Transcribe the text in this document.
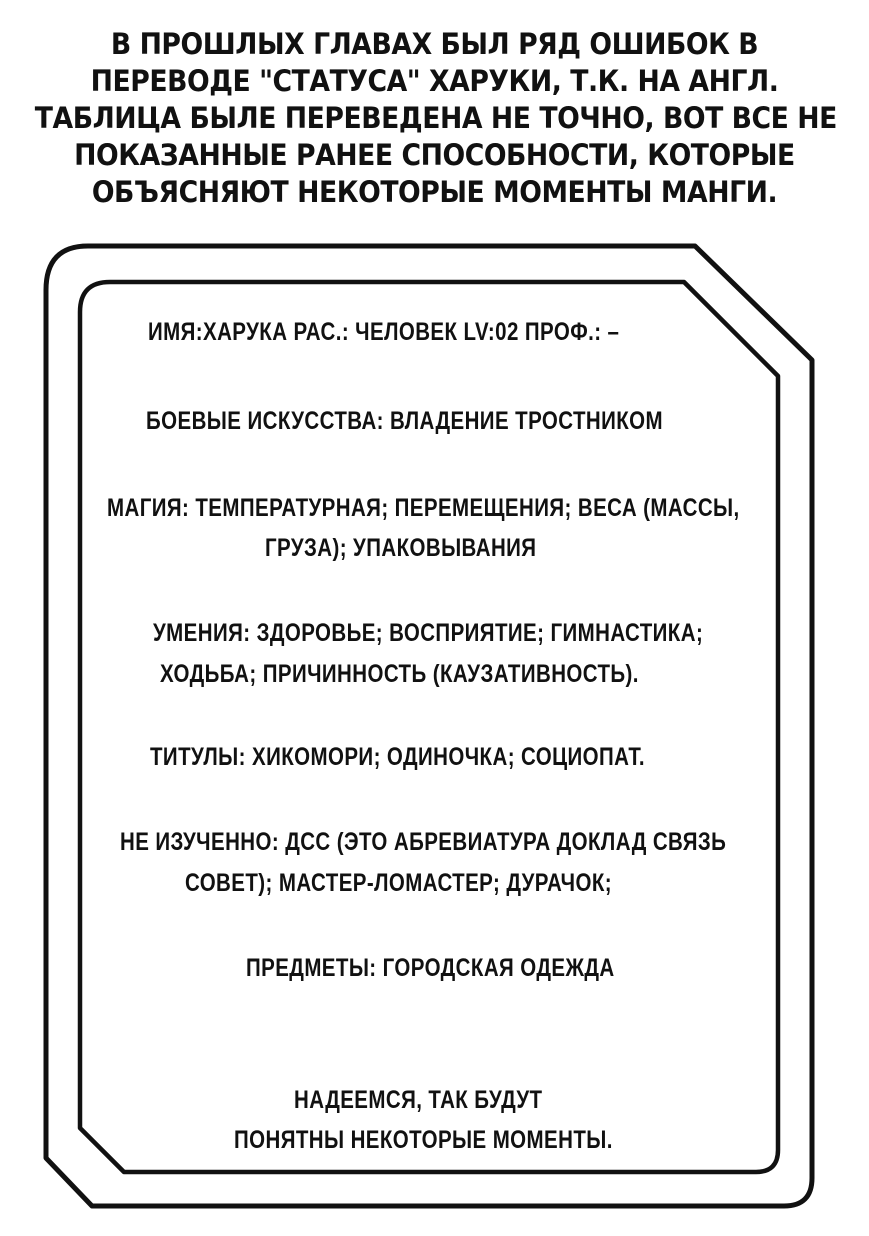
В ПРОШЛЫХ ГЛАВАХ БЫЛ РЯД ОШИБОК В
ПЕРЕВОДЕ "СТАТУСА" ХАРУКИ, Т.К. НА АНГЛ.
ТАБЛИЦА БЫЛЕ ПЕРЕВЕДЕНА НЕ ТОЧНО, ВОТ ВСЕ НЕ
ПОКАЗАННЫЕ РАНЕЕ СПОСОБНОСТИ, КОТОРЫЕ
ОБЪЯСНЯЮТ НЕКОТОРЫЕ МОМЕНТЫ МАНГИ.
ИМЯ:ХАРУКА РАС.: ЧЕЛОВЕК LV:02 ПРОФ.: –
БОЕВЫЕ ИСКУССТВА: ВЛАДЕНИЕ ТРОСТНИКОМ
МАГИЯ: ТЕМПЕРАТУРНАЯ; ПЕРЕМЕЩЕНИЯ; ВЕСА (МАССЫ,
ГРУЗА); УПАКОВЫВАНИЯ
УМЕНИЯ: ЗДОРОВЬЕ; ВОСПРИЯТИЕ; ГИМНАСТИКА;
ХОДЬБА; ПРИЧИННОСТЬ (КАУЗАТИВНОСТЬ).
ТИТУЛЫ: ХИКОМОРИ; ОДИНОЧКА; СОЦИОПАТ.
НЕ ИЗУЧЕННО: ДСС (ЭТО АБРЕВИАТУРА ДОКЛАД СВЯЗЬ
СОВЕТ); МАСТЕР-ЛОМАСТЕР; ДУРАЧОК;
ПРЕДМЕТЫ: ГОРОДСКАЯ ОДЕЖДА
НАДЕЕМСЯ, ТАК БУДУТ
ПОНЯТНЫ НЕКОТОРЫЕ МОМЕНТЫ.
